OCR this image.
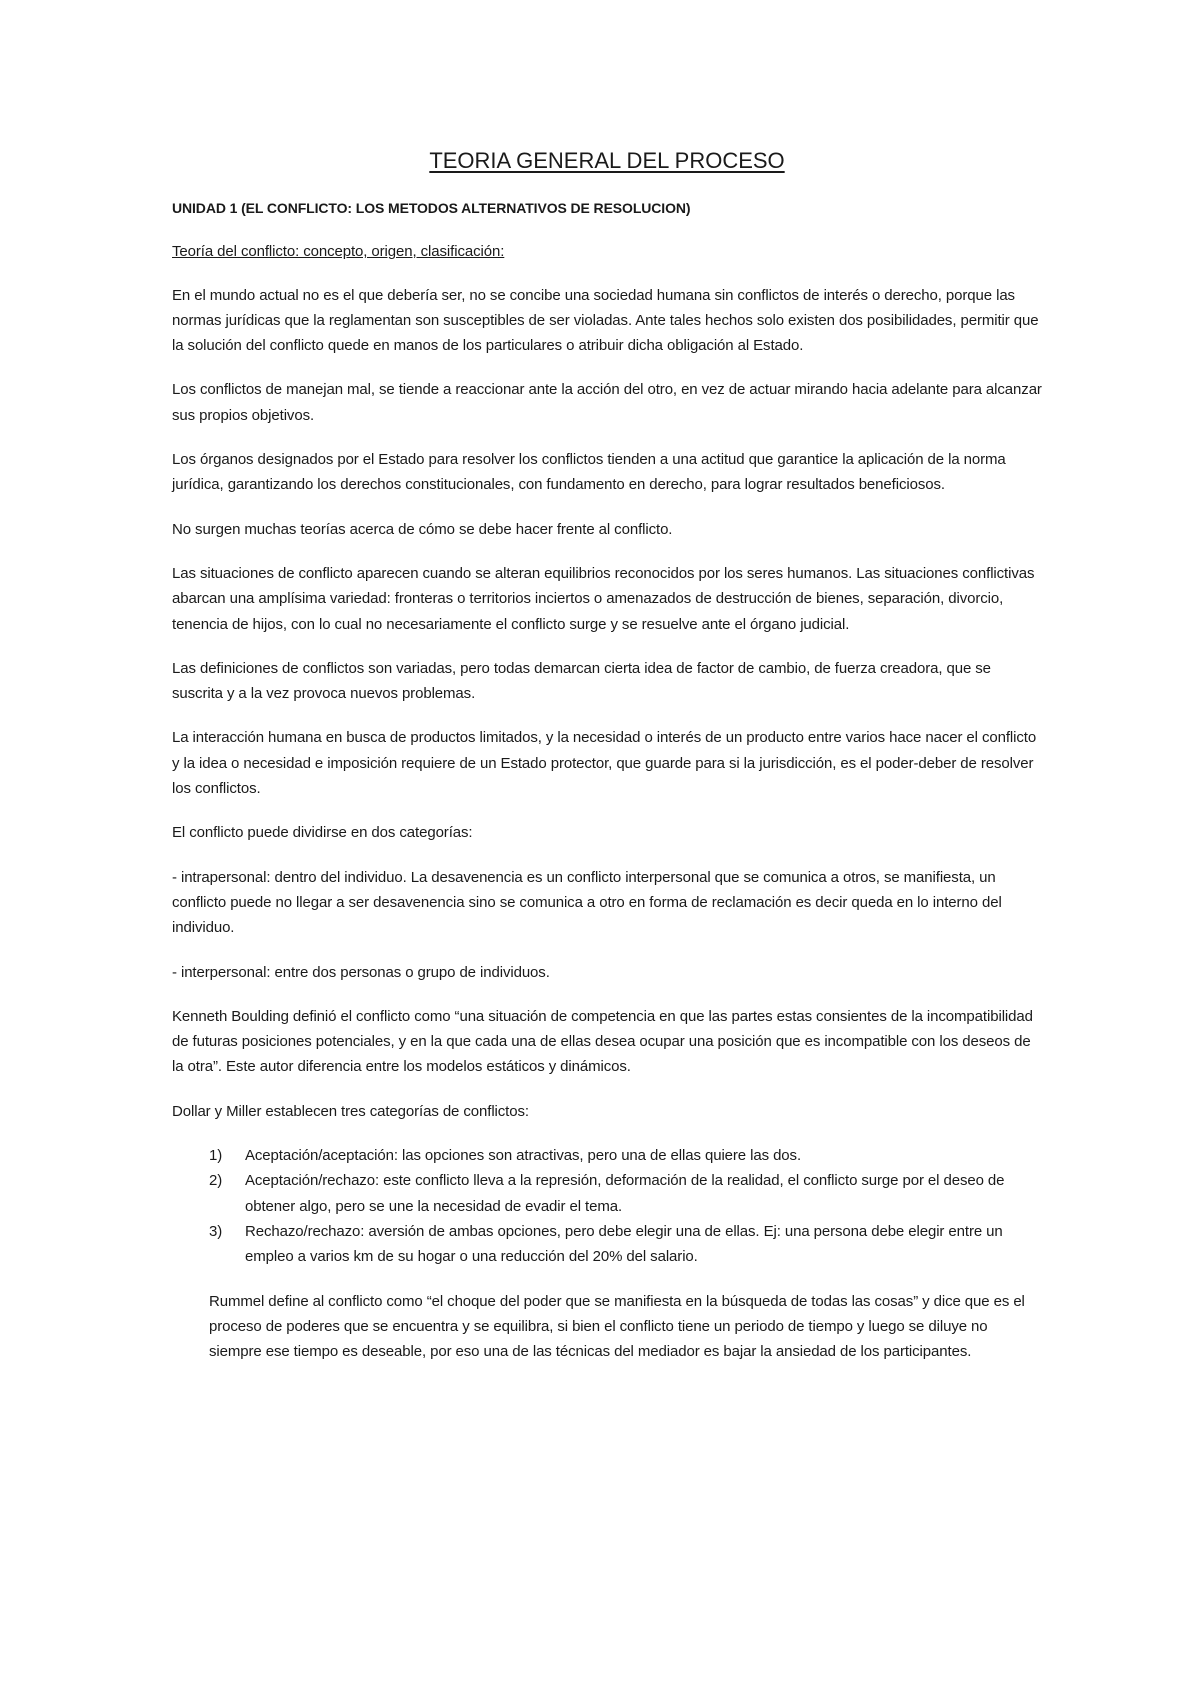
TEORIA GENERAL DEL PROCESO
UNIDAD 1 (EL CONFLICTO: LOS METODOS ALTERNATIVOS DE RESOLUCION)
Teoría del conflicto: concepto, origen, clasificación:

En el mundo actual no es el que debería ser, no se concibe una sociedad humana sin conflictos de interés o derecho, porque las normas jurídicas que la reglamentan son susceptibles de ser violadas. Ante tales hechos solo existen dos posibilidades, permitir que la solución del conflicto quede en manos de los particulares o atribuir dicha obligación al Estado.

Los conflictos de manejan mal, se tiende a reaccionar ante la acción del otro, en vez de actuar mirando hacia adelante para alcanzar sus propios objetivos.

Los órganos designados por el Estado para resolver los conflictos tienden a una actitud que garantice la aplicación de la norma jurídica, garantizando los derechos constitucionales, con fundamento en derecho, para lograr resultados beneficiosos.

No surgen muchas teorías acerca de cómo se debe hacer frente al conflicto.

Las situaciones de conflicto aparecen cuando se alteran equilibrios reconocidos por los seres humanos. Las situaciones conflictivas abarcan una amplísima variedad: fronteras o territorios inciertos o amenazados de destrucción de bienes, separación, divorcio, tenencia de hijos, con lo cual no necesariamente el conflicto surge y se resuelve ante el órgano judicial.

Las definiciones de conflictos son variadas, pero todas demarcan cierta idea de factor de cambio, de fuerza creadora, que se suscrita y a la vez provoca nuevos problemas.

La interacción humana en busca de productos limitados, y la necesidad o interés de un producto entre varios hace nacer el conflicto y la idea o necesidad e imposición requiere de un Estado protector, que guarde para si la jurisdicción, es el poder-deber de resolver los conflictos.

El conflicto puede dividirse en dos categorías:

- intrapersonal: dentro del individuo. La desavenencia es un conflicto interpersonal que se comunica a otros, se manifiesta, un conflicto puede no llegar a ser desavenencia sino se comunica a otro en forma de reclamación es decir queda en lo interno del individuo.

- interpersonal: entre dos personas o grupo de individuos.

Kenneth Boulding definió el conflicto como “una situación de competencia en que las partes estas consientes de la incompatibilidad de futuras posiciones potenciales, y en la que cada una de ellas desea ocupar una posición que es incompatible con los deseos de la otra”. Este autor diferencia entre los modelos estáticos y dinámicos.

Dollar y Miller establecen tres categorías de conflictos:

1) Aceptación/aceptación: las opciones son atractivas, pero una de ellas quiere las dos.
2) Aceptación/rechazo: este conflicto lleva a la represión, deformación de la realidad, el conflicto surge por el deseo de obtener algo, pero se une la necesidad de evadir el tema.
3) Rechazo/rechazo: aversión de ambas opciones, pero debe elegir una de ellas. Ej: una persona debe elegir entre un empleo a varios km de su hogar o una reducción del 20% del salario.

Rummel define al conflicto como “el choque del poder que se manifiesta en la búsqueda de todas las cosas” y dice que es el proceso de poderes que se encuentra y se equilibra, si bien el conflicto tiene un periodo de tiempo y luego se diluye no siempre ese tiempo es deseable, por eso una de las técnicas del mediador es bajar la ansiedad de los participantes.
